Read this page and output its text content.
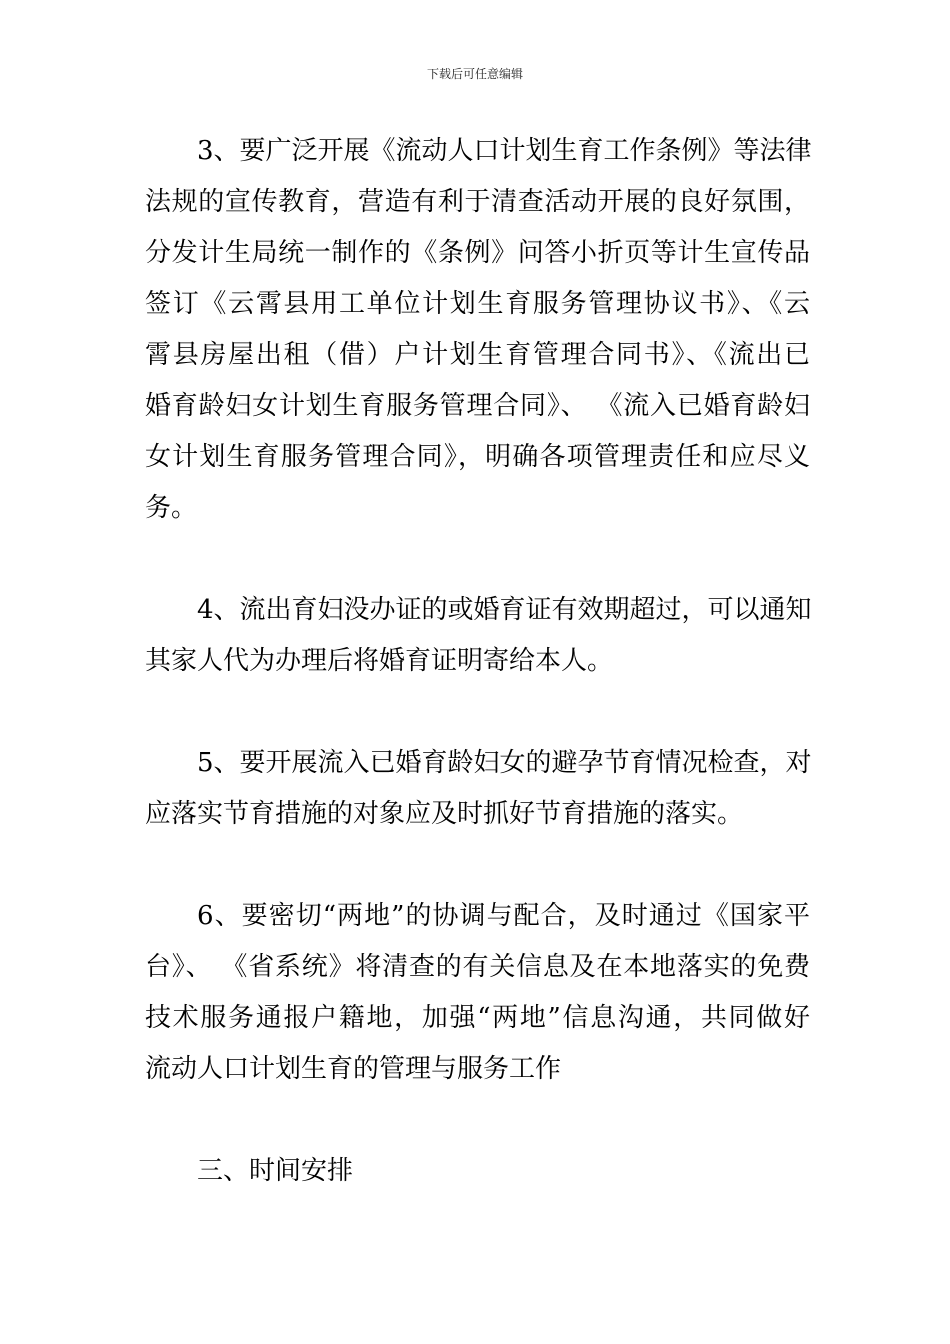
下载后可任意编辑
3、要广泛开展《流动人口计划生育工作条例》等法律
法规的宣传教育，营造有利于清查活动开展的良好氛围，
分发计生局统一制作的《条例》问答小折页等计生宣传品
签订《云霄县用工单位计划生育服务管理协议书》、《云
霄县房屋出租（借）户计划生育管理合同书》、《流出已
婚育龄妇女计划生育服务管理合同》、 《流入已婚育龄妇
女计划生育服务管理合同》，明确各项管理责任和应尽义
务。
4、流出育妇没办证的或婚育证有效期超过，可以通知
其家人代为办理后将婚育证明寄给本人。
5、要开展流入已婚育龄妇女的避孕节育情况检查，对
应落实节育措施的对象应及时抓好节育措施的落实。
6、要密切“两地”的协调与配合，及时通过《国家平
台》、 《省系统》将清查的有关信息及在本地落实的免费
技术服务通报户籍地，加强“两地”信息沟通，共同做好
流动人口计划生育的管理与服务工作
三、时间安排
